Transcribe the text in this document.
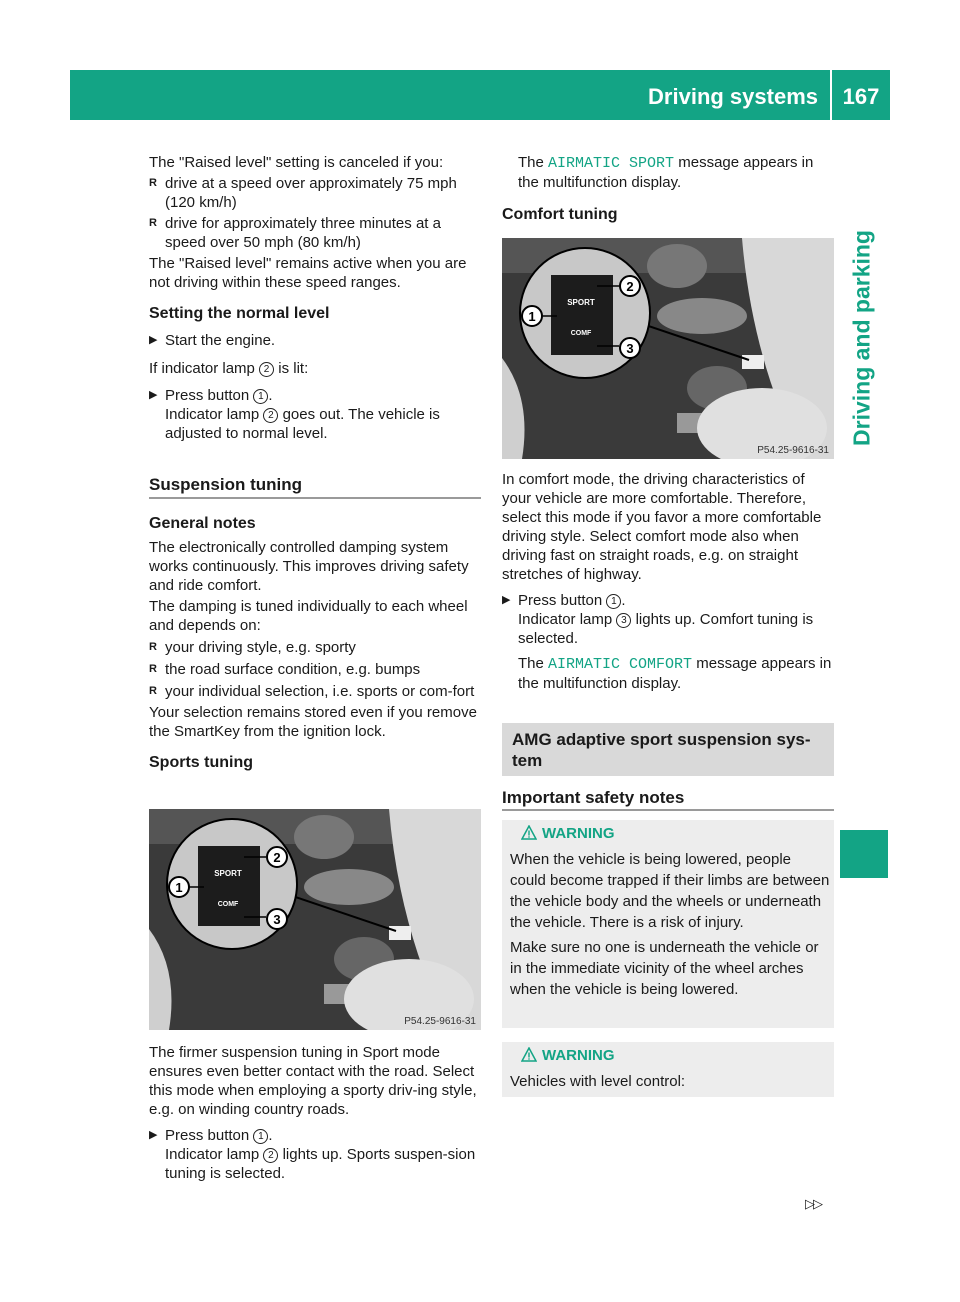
Driving systems	167
Driving and parking

The "Raised level" setting is canceled if you:

R drive at a speed over approximately 75 mph (120 km/h)

R drive for approximately three minutes at a speed over 50 mph (80 km/h)

The "Raised level" remains active when you are not driving within these speed ranges.

Setting the normal level

▶ Start the engine.

If indicator lamp 2 is lit:

▶ Press button 1 .
Indicator lamp 2 goes out. The vehicle is adjusted to normal level.
Suspension tuning

General notes

The electronically controlled damping system works continuously. This improves driving safety and ride comfort.

The damping is tuned individually to each wheel and depends on:

R your driving style, e.g. sporty

R the road surface condition, e.g. bumps

R your individual selection, i.e. sports or com-fort

Your selection remains stored even if you remove the SmartKey from the ignition lock.

Sports tuning

SPORT
COMF
1
2
3
P54.25-9616-31

The firmer suspension tuning in Sport mode ensures even better contact with the road. Select this mode when employing a sporty driv-ing style, e.g. on winding country roads.

▶ Press button 1 .
Indicator lamp 2 lights up. Sports suspen-sion tuning is selected.

The AIRMATIC SPORT message appears in the multifunction display.

Comfort tuning

SPORT
COMF
1
2
3
P54.25-9616-31

In comfort mode, the driving characteristics of your vehicle are more comfortable. Therefore, select this mode if you favor a more comfortable driving style. Select comfort mode also when driving fast on straight roads, e.g. on straight stretches of highway.

▶ Press button 1 .
Indicator lamp 3 lights up. Comfort tuning is selected.

The AIRMATIC COMFORT message appears in the multifunction display.

AMG adaptive sport suspension sys-tem
Important safety notes
WARNING

When the vehicle is being lowered, people could become trapped if their limbs are between the vehicle body and the wheels or underneath the vehicle. There is a risk of injury.

Make sure no one is underneath the vehicle or in the immediate vicinity of the wheel arches when the vehicle is being lowered.

WARNING
Vehicles with level control:
▷▷
